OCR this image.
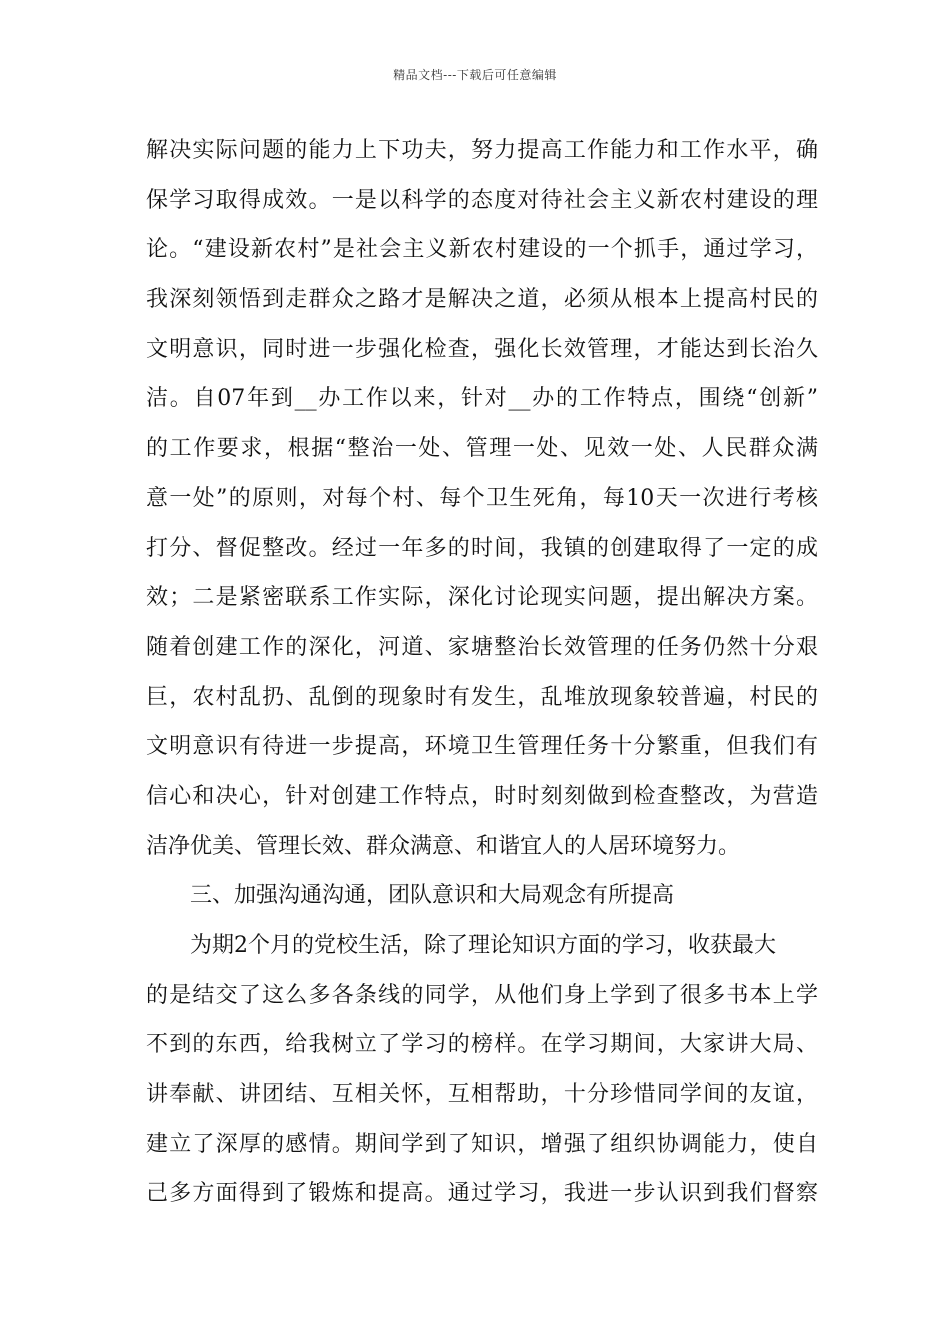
精品文档---下载后可任意编辑
解决实际问题的能力上下功夫，努力提高工作能力和工作水平，确
保学习取得成效。一是以科学的态度对待社会主义新农村建设的理
论。“建设新农村”是社会主义新农村建设的一个抓手，通过学习，
我深刻领悟到走群众之路才是解决之道，必须从根本上提高村民的
文明意识，同时进一步强化检查，强化长效管理，才能达到长治久
洁。自07年到__办工作以来，针对__办的工作特点，围绕“创新”
的工作要求，根据“整治一处、管理一处、见效一处、人民群众满
意一处”的原则，对每个村、每个卫生死角，每10天一次进行考核
打分、督促整改。经过一年多的时间，我镇的创建取得了一定的成
效；二是紧密联系工作实际，深化讨论现实问题，提出解决方案。
随着创建工作的深化，河道、家塘整治长效管理的任务仍然十分艰
巨，农村乱扔、乱倒的现象时有发生，乱堆放现象较普遍，村民的
文明意识有待进一步提高，环境卫生管理任务十分繁重，但我们有
信心和决心，针对创建工作特点，时时刻刻做到检查整改，为营造
洁净优美、管理长效、群众满意、和谐宜人的人居环境努力。
三、加强沟通沟通，团队意识和大局观念有所提高
为期2个月的党校生活，除了理论知识方面的学习，收获最大
的是结交了这么多各条线的同学，从他们身上学到了很多书本上学
不到的东西，给我树立了学习的榜样。在学习期间，大家讲大局、
讲奉献、讲团结、互相关怀，互相帮助，十分珍惜同学间的友谊，
建立了深厚的感情。期间学到了知识，增强了组织协调能力，使自
己多方面得到了锻炼和提高。通过学习，我进一步认识到我们督察
